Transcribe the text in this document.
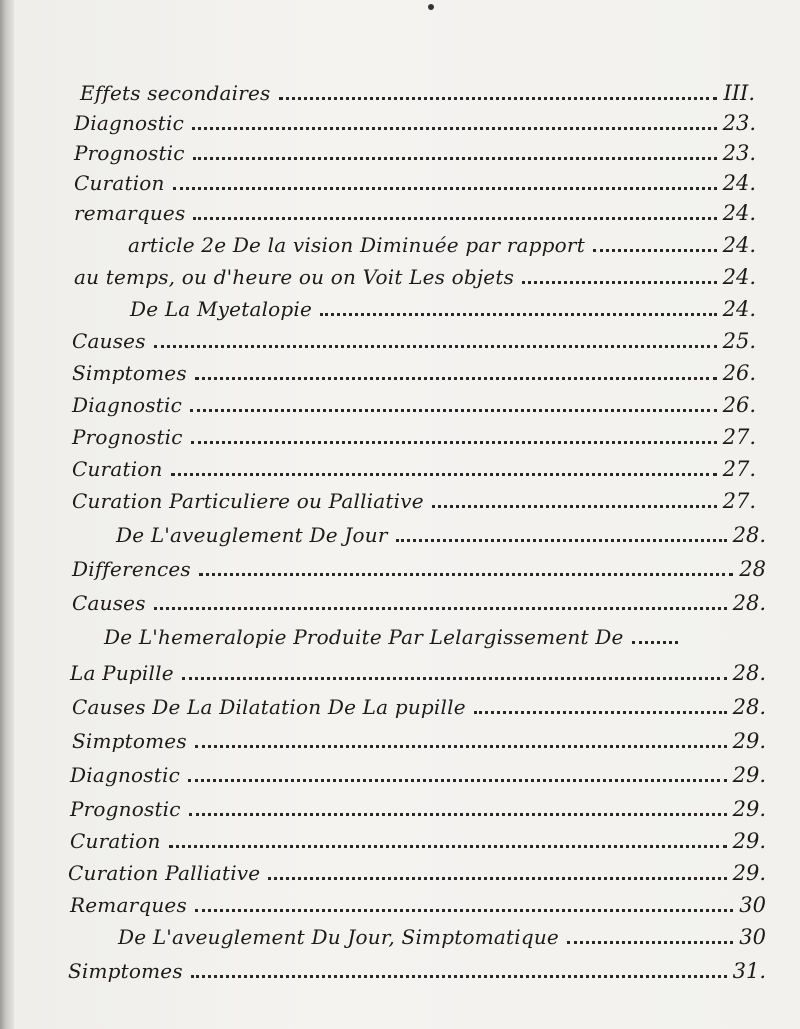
Effets secondaires	III.
Diagnostic	23.
Prognostic	23.
Curation	24.
remarques	24.
article 2e De la vision Diminuée par rapport	24.
au temps, ou d'heure ou on Voit Les objets	24.
De La Myetalopie	24.
Causes	25.
Simptomes	26.
Diagnostic	26.
Prognostic	27.
Curation	27.
Curation Particuliere ou Palliative	27.
De L'aveuglement De Jour	28.
Differences	28
Causes	28.
De L'hemeralopie Produite Par Lelargissement De
La Pupille	28.
Causes De La Dilatation De La pupille	28.
Simptomes	29.
Diagnostic	29.
Prognostic	29.
Curation	29.
Curation Palliative	29.
Remarques	30
De L'aveuglement Du Jour, Simptomatique	30
Simptomes	31.
